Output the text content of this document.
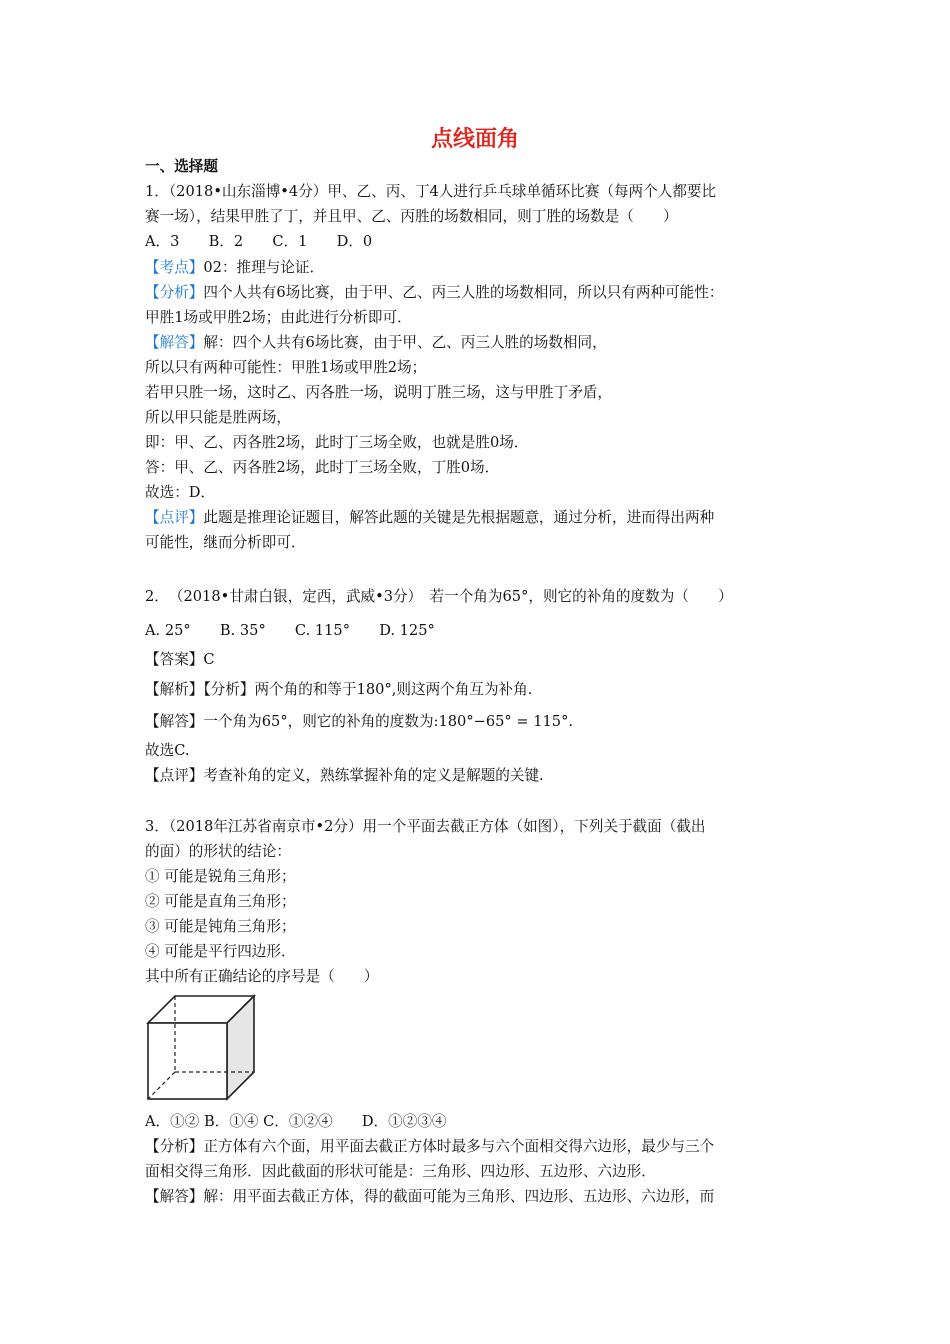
点线面角
一、选择题
1．（2018•山东淄博•4分）甲、乙、丙、丁4人进行乒乓球单循环比赛（每两个人都要比
赛一场），结果甲胜了丁，并且甲、乙、丙胜的场数相同，则丁胜的场数是（　　）
A．3　　B．2　　C．1　　D．0
【考点】02：推理与论证．
【分析】四个人共有6场比赛，由于甲、乙、丙三人胜的场数相同，所以只有两种可能性：
甲胜1场或甲胜2场；由此进行分析即可．
【解答】解：四个人共有6场比赛，由于甲、乙、丙三人胜的场数相同，
所以只有两种可能性：甲胜1场或甲胜2场；
若甲只胜一场，这时乙、丙各胜一场，说明丁胜三场，这与甲胜丁矛盾，
所以甲只能是胜两场，
即：甲、乙、丙各胜2场，此时丁三场全败，也就是胜0场．
答：甲、乙、丙各胜2场，此时丁三场全败，丁胜0场．
故选：D．
【点评】此题是推理论证题目，解答此题的关键是先根据题意，通过分析，进而得出两种
可能性，继而分析即可．
2．　（2018•甘肃白银，定西，武威•3分）　若一个角为65°，则它的补角的度数为（　　）
A. 25°　　B. 35°　　C. 115°　　D. 125°
【答案】C
【解析】【分析】两个角的和等于180°,则这两个角互为补角.
【解答】一个角为65°，则它的补角的度数为:180°−65° = 115°.
故选C.
【点评】考查补角的定义，熟练掌握补角的定义是解题的关键.
3．（2018年江苏省南京市•2分）用一个平面去截正方体（如图），下列关于截面（截出
的面）的形状的结论：
① 可能是锐角三角形；
② 可能是直角三角形；
③ 可能是钝角三角形；
④ 可能是平行四边形．
其中所有正确结论的序号是（　　）
A．①② B．①④ C．①②④　　D．①②③④
【分析】正方体有六个面，用平面去截正方体时最多与六个面相交得六边形，最少与三个
面相交得三角形．因此截面的形状可能是：三角形、四边形、五边形、六边形．
【解答】解：用平面去截正方体，得的截面可能为三角形、四边形、五边形、六边形，而
